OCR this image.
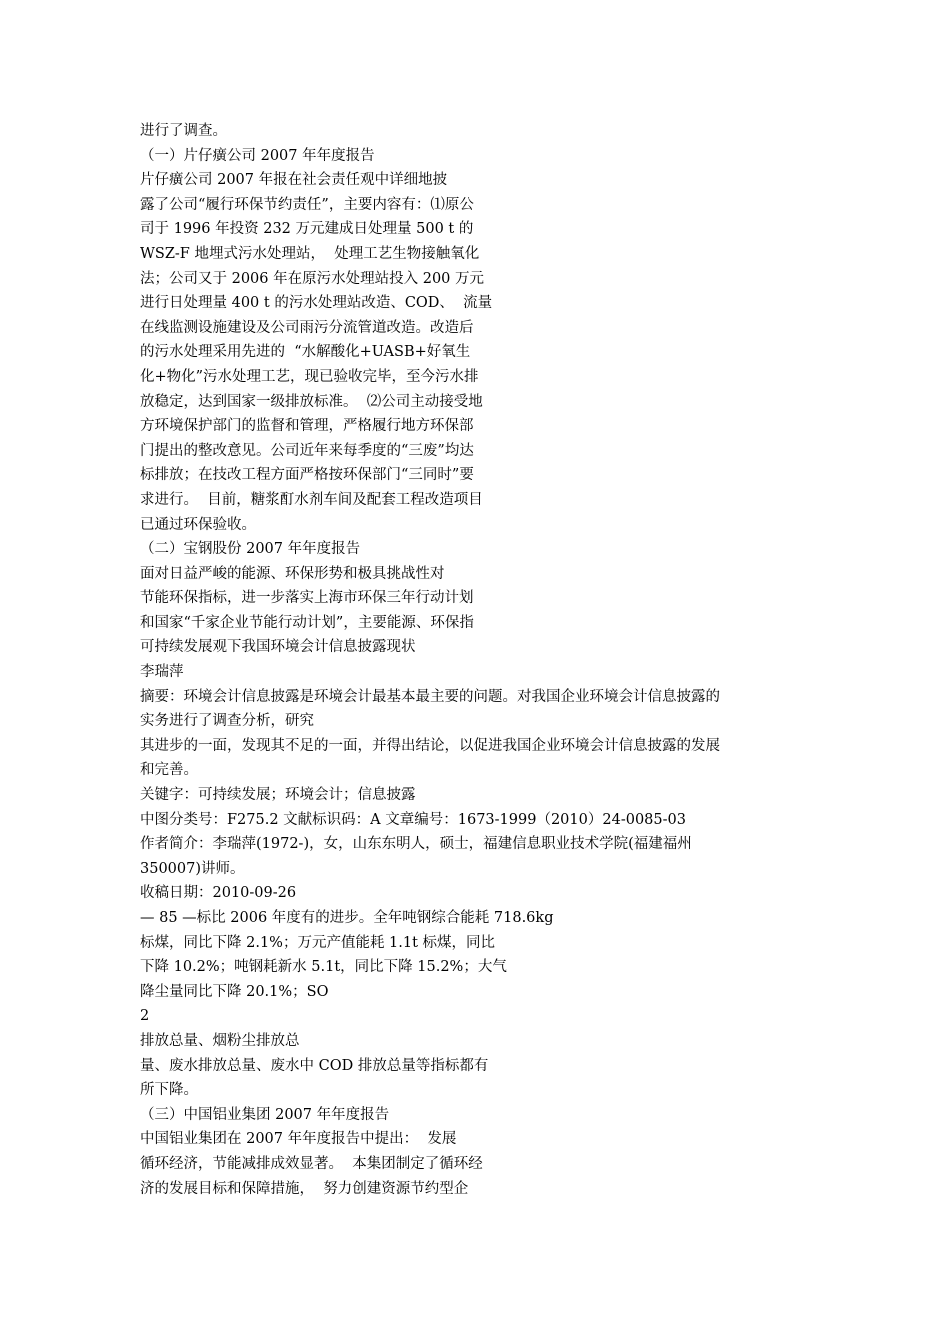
进行了调查。
（一）片仔癀公司 2007 年年度报告
片仔癀公司 2007 年报在社会责任观中详细地披
露了公司“履行环保节约责任”，主要内容有：⑴原公
司于 1996 年投资 232 万元建成日处理量 500 t 的
WSZ-F 地埋式污水处理站，  处理工艺生物接触氧化
法；公司又于 2006 年在原污水处理站投入 200 万元
进行日处理量 400 t 的污水处理站改造、COD、  流量
在线监测设施建设及公司雨污分流管道改造。改造后
的污水处理采用先进的  “水解酸化+UASB+好氧生
化+物化”污水处理工艺，现已验收完毕，至今污水排
放稳定，达到国家一级排放标准。  ⑵公司主动接受地
方环境保护部门的监督和管理，严格履行地方环保部
门提出的整改意见。公司近年来每季度的“三废”均达
标排放；在技改工程方面严格按环保部门“三同时”要
求进行。  目前，糖浆酊水剂车间及配套工程改造项目
已通过环保验收。
（二）宝钢股份 2007 年年度报告
面对日益严峻的能源、环保形势和极具挑战性对
节能环保指标，进一步落实上海市环保三年行动计划
和国家“千家企业节能行动计划”，主要能源、环保指
可持续发展观下我国环境会计信息披露现状
李瑞萍
摘要：环境会计信息披露是环境会计最基本最主要的问题。对我国企业环境会计信息披露的
实务进行了调查分析，研究
其进步的一面，发现其不足的一面，并得出结论，以促进我国企业环境会计信息披露的发展
和完善。
关键字：可持续发展；环境会计；信息披露
中图分类号：F275.2 文献标识码：A 文章编号：1673-1999（2010）24-0085-03
作者简介：李瑞萍(1972-)，女，山东东明人，硕士，福建信息职业技术学院(福建福州
350007)讲师。
收稿日期：2010-09-26
— 85 —标比 2006 年度有的进步。全年吨钢综合能耗 718.6kg
标煤，同比下降 2.1%；万元产值能耗 1.1t 标煤，同比
下降 10.2%；吨钢耗新水 5.1t，同比下降 15.2%；大气
降尘量同比下降 20.1%；SO
2
排放总量、烟粉尘排放总
量、废水排放总量、废水中 COD 排放总量等指标都有
所下降。
（三）中国铝业集团 2007 年年度报告
中国铝业集团在 2007 年年度报告中提出：  发展
循环经济，节能减排成效显著。  本集团制定了循环经
济的发展目标和保障措施，  努力创建资源节约型企
